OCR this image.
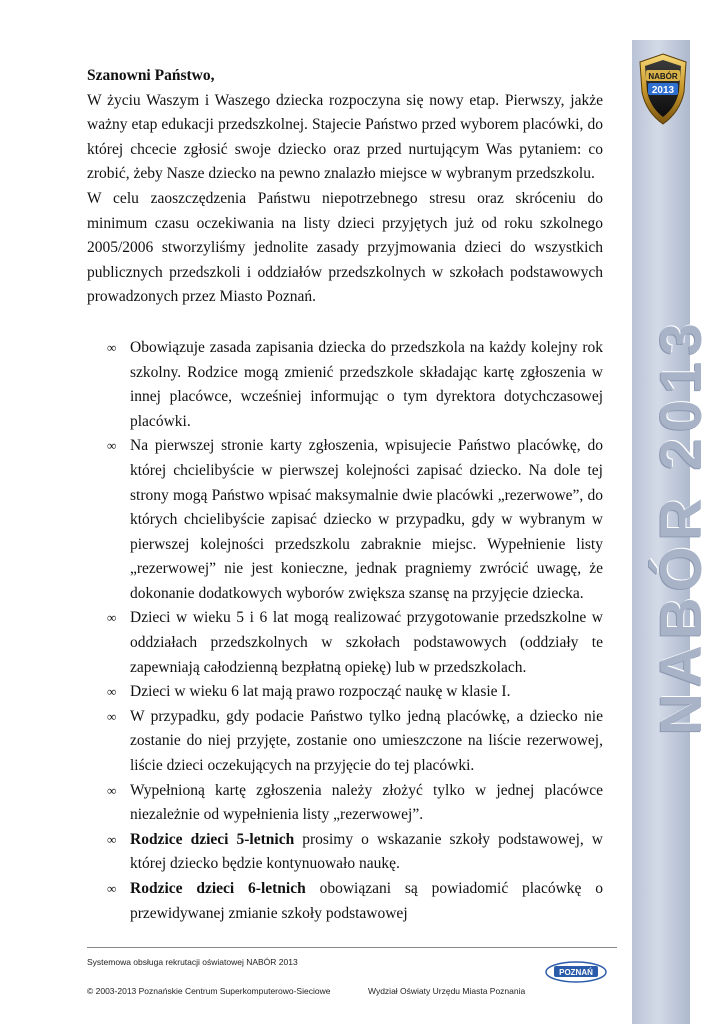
NABÓR 2013
NABÓR
2013

Szanowni Państwo,

W życiu Waszym i Waszego dziecka rozpoczyna się nowy etap. Pierwszy, jakże ważny etap edukacji przedszkolnej. Stajecie Państwo przed wyborem placówki, do której chcecie zgłosić swoje dziecko oraz przed nurtującym Was pytaniem: co zrobić, żeby Nasze dziecko na pewno znalazło miejsce w wybranym przedszkolu.

W celu zaoszczędzenia Państwu niepotrzebnego stresu oraz skróceniu do minimum czasu oczekiwania na listy dzieci przyjętych już od roku szkolnego 2005/2006 stworzyliśmy jednolite zasady przyjmowania dzieci do wszystkich publicznych przedszkoli i oddziałów przedszkolnych w szkołach podstawowych prowadzonych przez Miasto Poznań.

∞ Obowiązuje zasada zapisania dziecka do przedszkola na każdy kolejny rok szkolny. Rodzice mogą zmienić przedszkole składając kartę zgłoszenia w innej placówce, wcześniej informując o tym dyrektora dotychczasowej placówki.
∞ Na pierwszej stronie karty zgłoszenia, wpisujecie Państwo placówkę, do której chcielibyście w pierwszej kolejności zapisać dziecko. Na dole tej strony mogą Państwo wpisać maksymalnie dwie placówki „rezerwowe”, do których chcielibyście zapisać dziecko w przypadku, gdy w wybranym w pierwszej kolejności przedszkolu zabraknie miejsc. Wypełnienie listy „rezerwowej” nie jest konieczne, jednak pragniemy zwrócić uwagę, że dokonanie dodatkowych wyborów zwiększa szansę na przyjęcie dziecka.
∞ Dzieci w wieku 5 i 6 lat mogą realizować przygotowanie przedszkolne w oddziałach przedszkolnych w szkołach podstawowych (oddziały te zapewniają całodzienną bezpłatną opiekę) lub w przedszkolach.
∞ Dzieci w wieku 6 lat mają prawo rozpocząć naukę w klasie I.
∞ W przypadku, gdy podacie Państwo tylko jedną placówkę, a dziecko nie zostanie do niej przyjęte, zostanie ono umieszczone na liście rezerwowej, liście dzieci oczekujących na przyjęcie do tej placówki.
∞ Wypełnioną kartę zgłoszenia należy złożyć tylko w jednej placówce niezależnie od wypełnienia listy „rezerwowej”.
∞ Rodzice dzieci 5-letnich prosimy o wskazanie szkoły podstawowej, w której dziecko będzie kontynuowało naukę.
∞ Rodzice dzieci 6-letnich obowiązani są powiadomić placówkę o przewidywanej zmianie szkoły podstawowej
Systemowa obsługa rekrutacji oświatowej NABÓR 2013
© 2003-2013 Poznańskie Centrum Superkomputerowo-Sieciowe	Wydział Oświaty Urzędu Miasta Poznania
POZNAŃ
